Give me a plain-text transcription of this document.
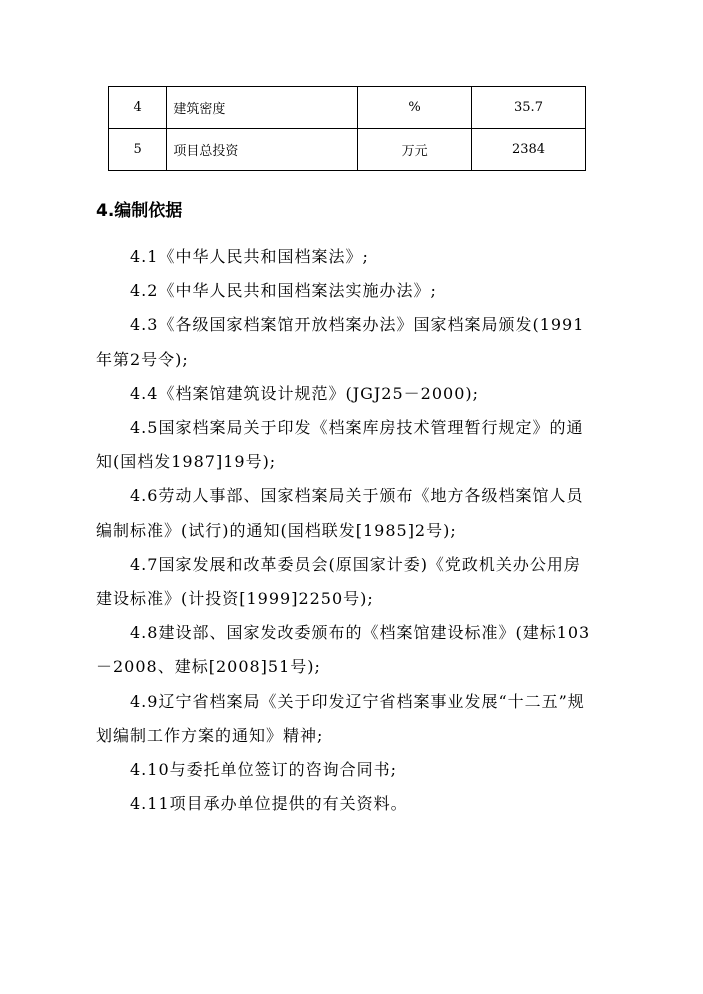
4	建筑密度	%	35.7
5	项目总投资	万元	2384
4.编制依据

4.1《中华人民共和国档案法》;

4.2《中华人民共和国档案法实施办法》;

4.3《各级国家档案馆开放档案办法》国家档案局颁发(1991年第2号令);

4.4《档案馆建筑设计规范》(JGJ25－2000);

4.5国家档案局关于印发《档案库房技术管理暂行规定》的通知(国档发1987]19号);

4.6劳动人事部、国家档案局关于颁布《地方各级档案馆人员编制标准》(试行)的通知(国档联发[1985]2号);

4.7国家发展和改革委员会(原国家计委)《党政机关办公用房建设标准》(计投资[1999]2250号);

4.8建设部、国家发改委颁布的《档案馆建设标准》(建标103－2008、建标[2008]51号);

4.9辽宁省档案局《关于印发辽宁省档案事业发展“十二五”规划编制工作方案的通知》精神;

4.10与委托单位签订的咨询合同书;

4.11项目承办单位提供的有关资料。
